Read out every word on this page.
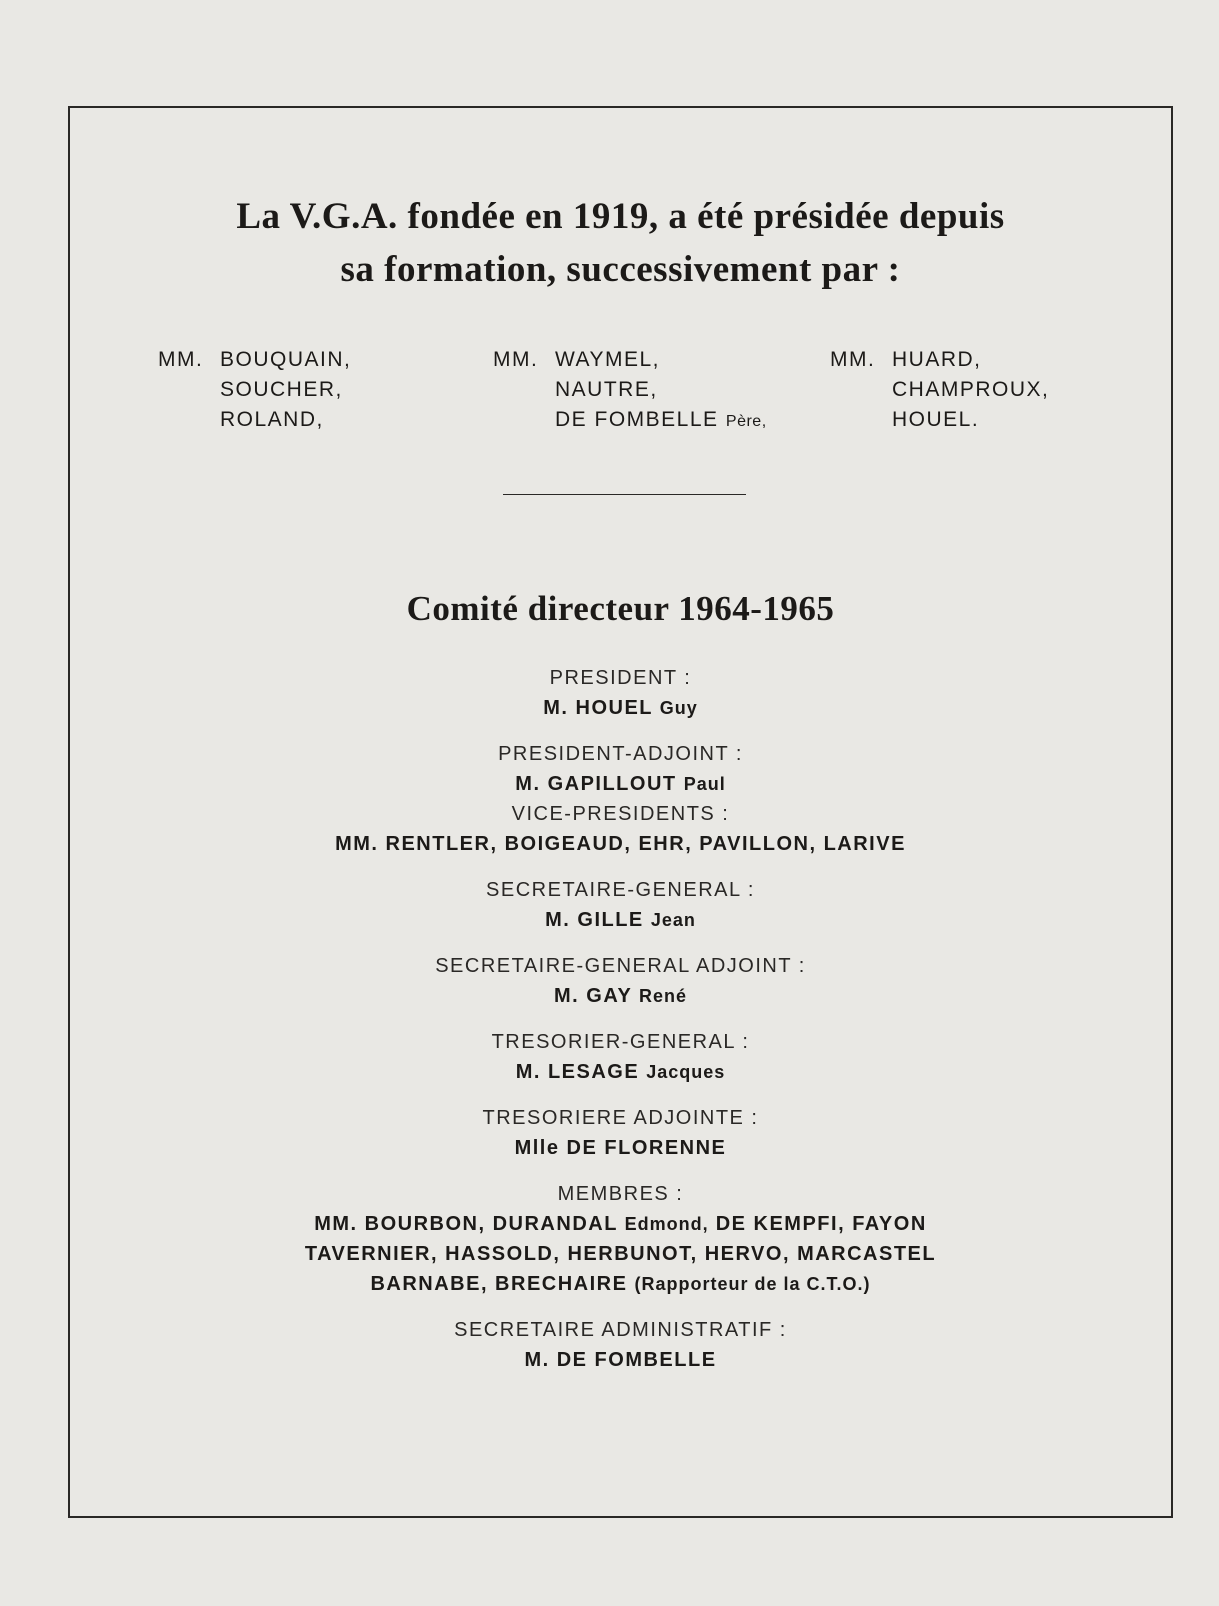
La V.G.A. fondée en 1919, a été présidée depuis
sa formation, successivement par :
MM. BOUQUAIN,
SOUCHER,
ROLAND,
MM. WAYMEL,
NAUTRE,
DE FOMBELLE Père,
MM. HUARD,
CHAMPROUX,
HOUEL.
Comité directeur 1964-1965
PRESIDENT :
M. HOUEL Guy
PRESIDENT-ADJOINT :
M. GAPILLOUT Paul
VICE-PRESIDENTS :
MM. RENTLER, BOIGEAUD, EHR, PAVILLON, LARIVE
SECRETAIRE-GENERAL :
M. GILLE Jean
SECRETAIRE-GENERAL ADJOINT :
M. GAY René
TRESORIER-GENERAL :
M. LESAGE Jacques
TRESORIERE ADJOINTE :
Mlle DE FLORENNE
MEMBRES :
MM. BOURBON, DURANDAL Edmond, DE KEMPFI, FAYON
TAVERNIER, HASSOLD, HERBUNOT, HERVO, MARCASTEL
BARNABE, BRECHAIRE (Rapporteur de la C.T.O.)
SECRETAIRE ADMINISTRATIF :
M. DE FOMBELLE
